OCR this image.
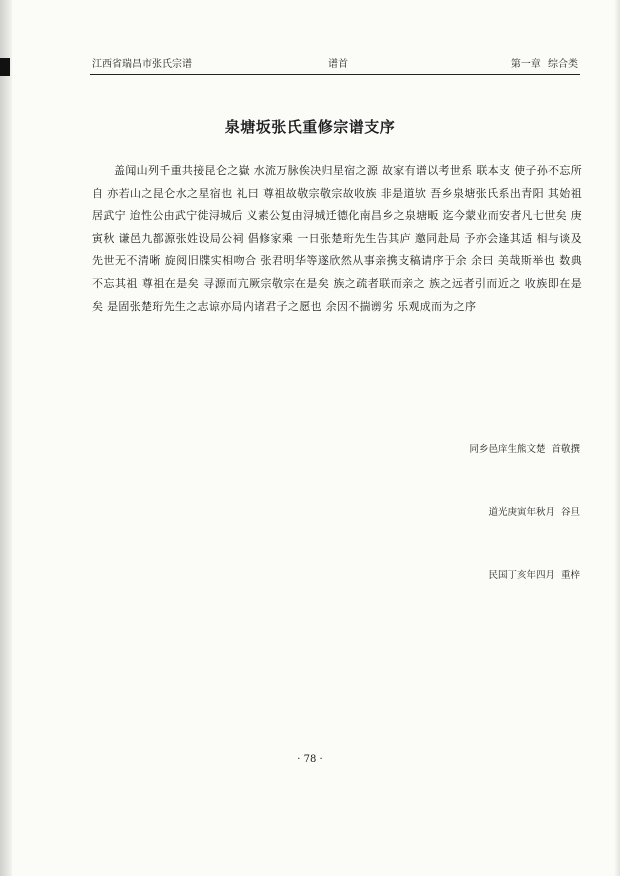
江西省瑞昌市张氏宗谱	谱首	第一章 综合类
泉塘坂张氏重修宗谱支序
盖闻山列千重共接昆仑之嶽 水流万脉俟决归星宿之源 故家有谱以考世系 联本支 使子孙不忘所自 亦若山之昆仑水之星宿也 礼曰 尊祖故敬宗敬宗故收族 非是道欤 吾乡泉塘张氏系出青阳 其始祖居武宁 迨性公由武宁徙浔城后 义素公复由浔城迁德化南昌乡之泉塘畈 迄今蒙业而安者凡七世矣 庚寅秋 谦邑九都源张姓设局公祠 倡修家乘 一日张楚珩先生告其庐 邀同赴局 予亦会逢其适 相与谈及先世无不清晰 旋阅旧牒实相吻合 张君明华等遂欣然从事亲携支稿请序于余 余曰 美哉斯举也 数典不忘其祖 尊祖在是矣 寻源而亢厥宗敬宗在是矣 族之疏者联而亲之 族之远者引而近之 收族即在是矣 是固张楚珩先生之志谅亦局内诸君子之愿也 余因不揣谫劣 乐观成而为之序

同乡邑庠生熊文楚  首敬撰

道光庚寅年秋月  谷旦

民国丁亥年四月  重梓

· 78 ·
